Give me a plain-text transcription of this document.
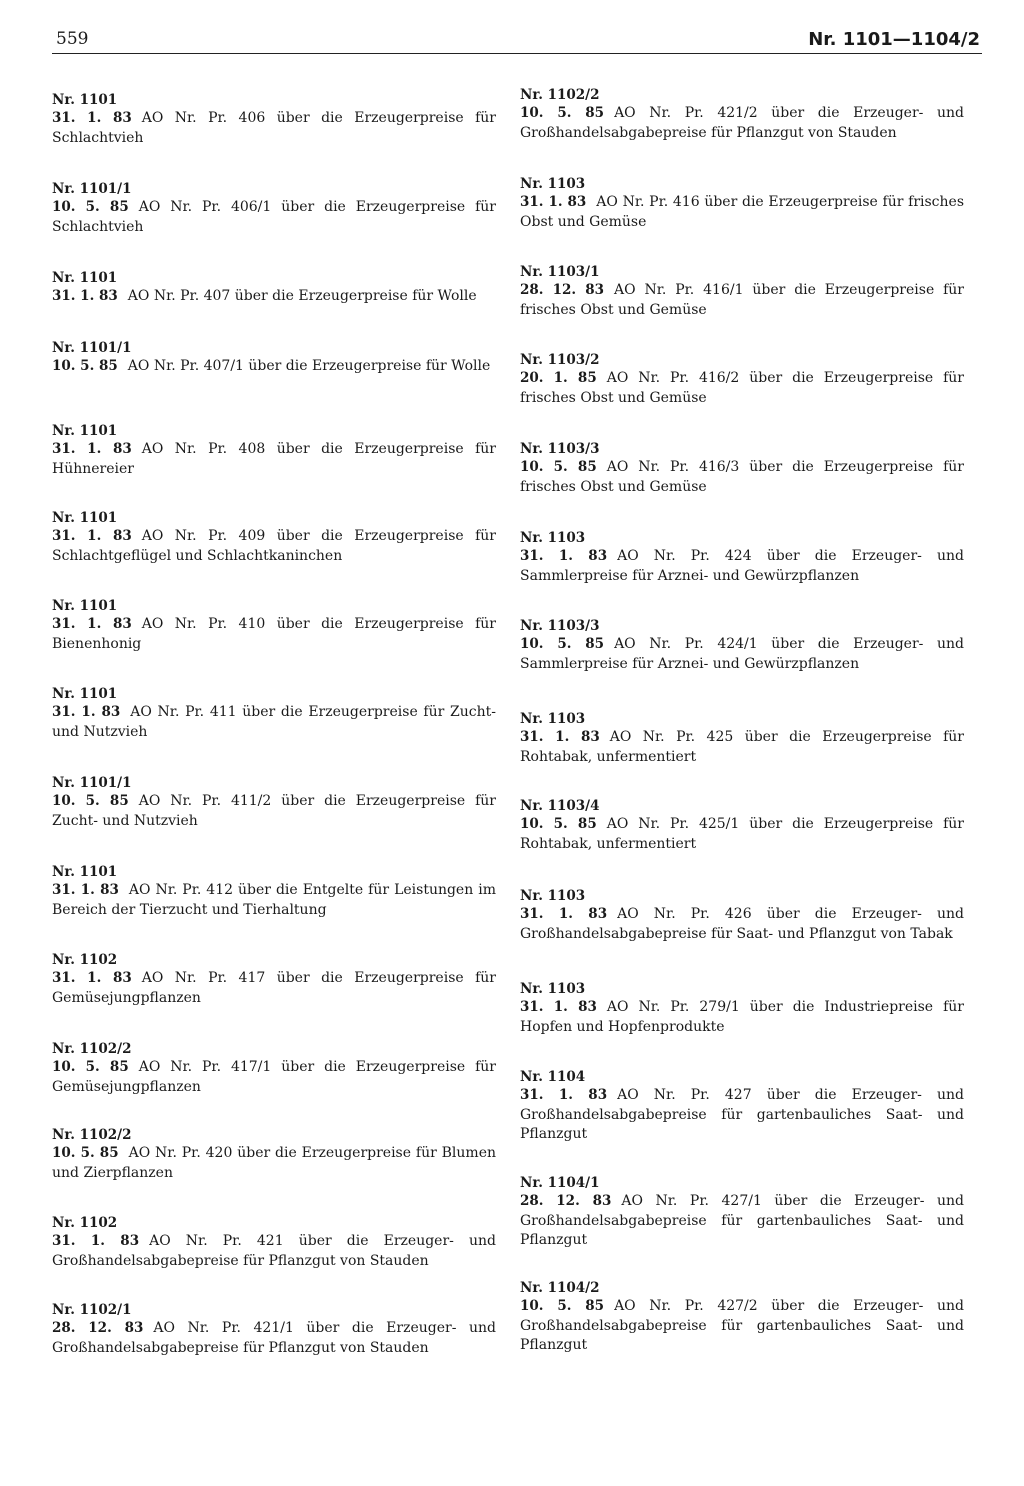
559	Nr. 1101—1104/2
Nr. 1101
31. 1. 83 AO Nr. Pr. 406 über die Erzeugerpreise für Schlachtvieh
Nr. 1101/1
10. 5. 85 AO Nr. Pr. 406/1 über die Erzeugerpreise für Schlachtvieh
Nr. 1101
31. 1. 83 AO Nr. Pr. 407 über die Erzeugerpreise für Wolle
Nr. 1101/1
10. 5. 85 AO Nr. Pr. 407/1 über die Erzeugerpreise für Wolle
Nr. 1101
31. 1. 83 AO Nr. Pr. 408 über die Erzeugerpreise für Hühnereier
Nr. 1101
31. 1. 83 AO Nr. Pr. 409 über die Erzeugerpreise für Schlachtgeflügel und Schlachtkaninchen
Nr. 1101
31. 1. 83 AO Nr. Pr. 410 über die Erzeugerpreise für Bienenhonig
Nr. 1101
31. 1. 83 AO Nr. Pr. 411 über die Erzeugerpreise für Zucht- und Nutzvieh
Nr. 1101/1
10. 5. 85 AO Nr. Pr. 411/2 über die Erzeugerpreise für Zucht- und Nutzvieh
Nr. 1101
31. 1. 83 AO Nr. Pr. 412 über die Entgelte für Leistungen im Bereich der Tierzucht und Tierhaltung
Nr. 1102
31. 1. 83 AO Nr. Pr. 417 über die Erzeugerpreise für Gemüsejungpflanzen
Nr. 1102/2
10. 5. 85 AO Nr. Pr. 417/1 über die Erzeugerpreise für Gemüsejungpflanzen
Nr. 1102/2
10. 5. 85 AO Nr. Pr. 420 über die Erzeugerpreise für Blumen und Zierpflanzen
Nr. 1102
31. 1. 83 AO Nr. Pr. 421 über die Erzeuger- und Großhandelsabgabepreise für Pflanzgut von Stauden
Nr. 1102/1
28. 12. 83 AO Nr. Pr. 421/1 über die Erzeuger- und Großhandelsabgabepreise für Pflanzgut von Stauden
Nr. 1102/2
10. 5. 85 AO Nr. Pr. 421/2 über die Erzeuger- und Großhandelsabgabepreise für Pflanzgut von Stauden
Nr. 1103
31. 1. 83 AO Nr. Pr. 416 über die Erzeugerpreise für frisches Obst und Gemüse
Nr. 1103/1
28. 12. 83 AO Nr. Pr. 416/1 über die Erzeugerpreise für frisches Obst und Gemüse
Nr. 1103/2
20. 1. 85 AO Nr. Pr. 416/2 über die Erzeugerpreise für frisches Obst und Gemüse
Nr. 1103/3
10. 5. 85 AO Nr. Pr. 416/3 über die Erzeugerpreise für frisches Obst und Gemüse
Nr. 1103
31. 1. 83 AO Nr. Pr. 424 über die Erzeuger- und Sammlerpreise für Arznei- und Gewürzpflanzen
Nr. 1103/3
10. 5. 85 AO Nr. Pr. 424/1 über die Erzeuger- und Sammlerpreise für Arznei- und Gewürzpflanzen
Nr. 1103
31. 1. 83 AO Nr. Pr. 425 über die Erzeugerpreise für Rohtabak, unfermentiert
Nr. 1103/4
10. 5. 85 AO Nr. Pr. 425/1 über die Erzeugerpreise für Rohtabak, unfermentiert
Nr. 1103
31. 1. 83 AO Nr. Pr. 426 über die Erzeuger- und Großhandelsabgabepreise für Saat- und Pflanzgut von Tabak
Nr. 1103
31. 1. 83 AO Nr. Pr. 279/1 über die Industriepreise für Hopfen und Hopfenprodukte
Nr. 1104
31. 1. 83 AO Nr. Pr. 427 über die Erzeuger- und Großhandelsabgabepreise für gartenbauliches Saat- und Pflanzgut
Nr. 1104/1
28. 12. 83 AO Nr. Pr. 427/1 über die Erzeuger- und Großhandelsabgabepreise für gartenbauliches Saat- und Pflanzgut
Nr. 1104/2
10. 5. 85 AO Nr. Pr. 427/2 über die Erzeuger- und Großhandelsabgabepreise für gartenbauliches Saat- und Pflanzgut
